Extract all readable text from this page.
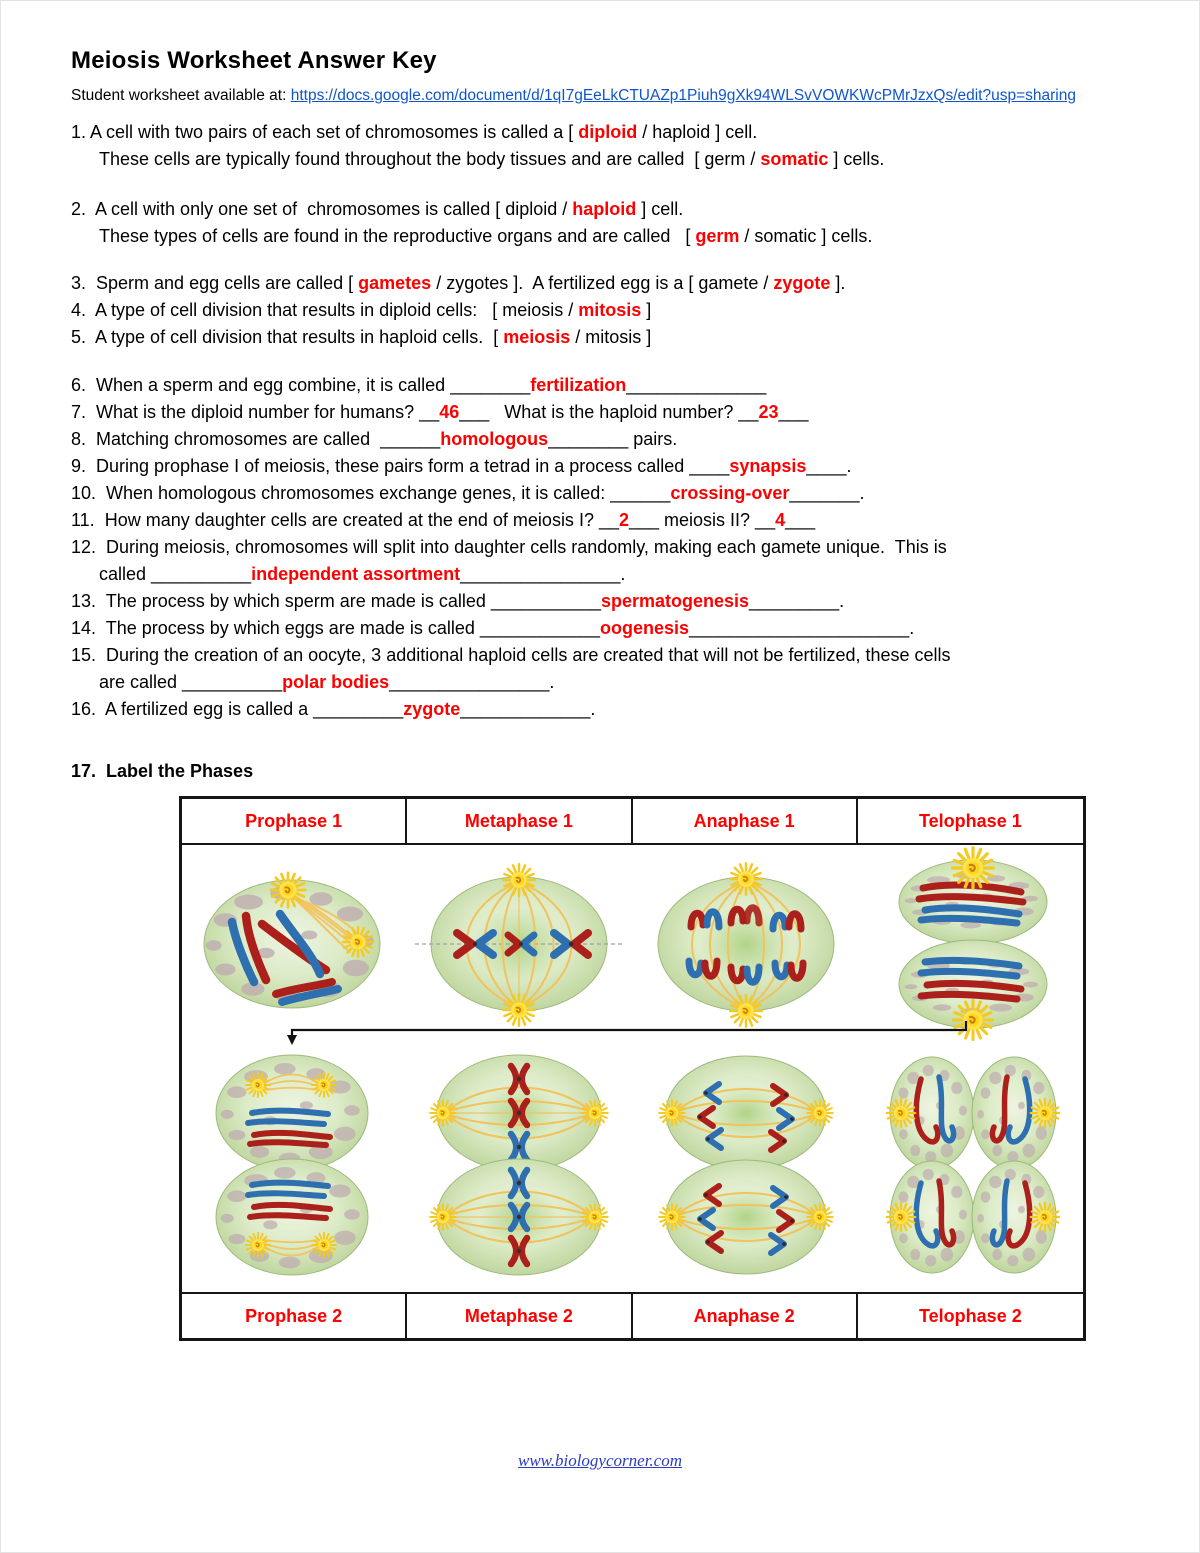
Meiosis Worksheet Answer Key
Student worksheet available at: https://docs.google.com/document/d/1qI7gEeLkCTUAZp1Piuh9gXk94WLSvVOWKWcPMrJzxQs/edit?usp=sharing
1. A cell with two pairs of each set of chromosomes is called a [ diploid / haploid ] cell.
These cells are typically found throughout the body tissues and are called  [ germ / somatic ] cells.
2.  A cell with only one set of  chromosomes is called [ diploid / haploid ] cell.
These types of cells are found in the reproductive organs and are called   [ germ / somatic ] cells.
3.  Sperm and egg cells are called [ gametes / zygotes ].  A fertilized egg is a [ gamete / zygote ].
4.  A type of cell division that results in diploid cells:   [ meiosis / mitosis ]
5.  A type of cell division that results in haploid cells.  [ meiosis / mitosis ]
6.  When a sperm and egg combine, it is called ________fertilization______________
7.  What is the diploid number for humans? __46___   What is the haploid number? __23___
8.  Matching chromosomes are called  ______homologous________ pairs.
9.  During prophase I of meiosis, these pairs form a tetrad in a process called ____synapsis____.
10.  When homologous chromosomes exchange genes, it is called: ______crossing-over_______.
11.  How many daughter cells are created at the end of meiosis I? __2___ meiosis II? __4___
12.  During meiosis, chromosomes will split into daughter cells randomly, making each gamete unique.  This is
called __________independent assortment________________.
13.  The process by which sperm are made is called ___________spermatogenesis_________.
14.  The process by which eggs are made is called ____________oogenesis______________________.
15.  During the creation of an oocyte, 3 additional haploid cells are created that will not be fertilized, these cells
are called __________polar bodies________________.
16.  A fertilized egg is called a _________zygote_____________.
17.  Label the Phases
Prophase 1	Metaphase 1	Anaphase 1	Telophase 1
Prophase 2	Metaphase 2	Anaphase 2	Telophase 2
www.biologycorner.com
